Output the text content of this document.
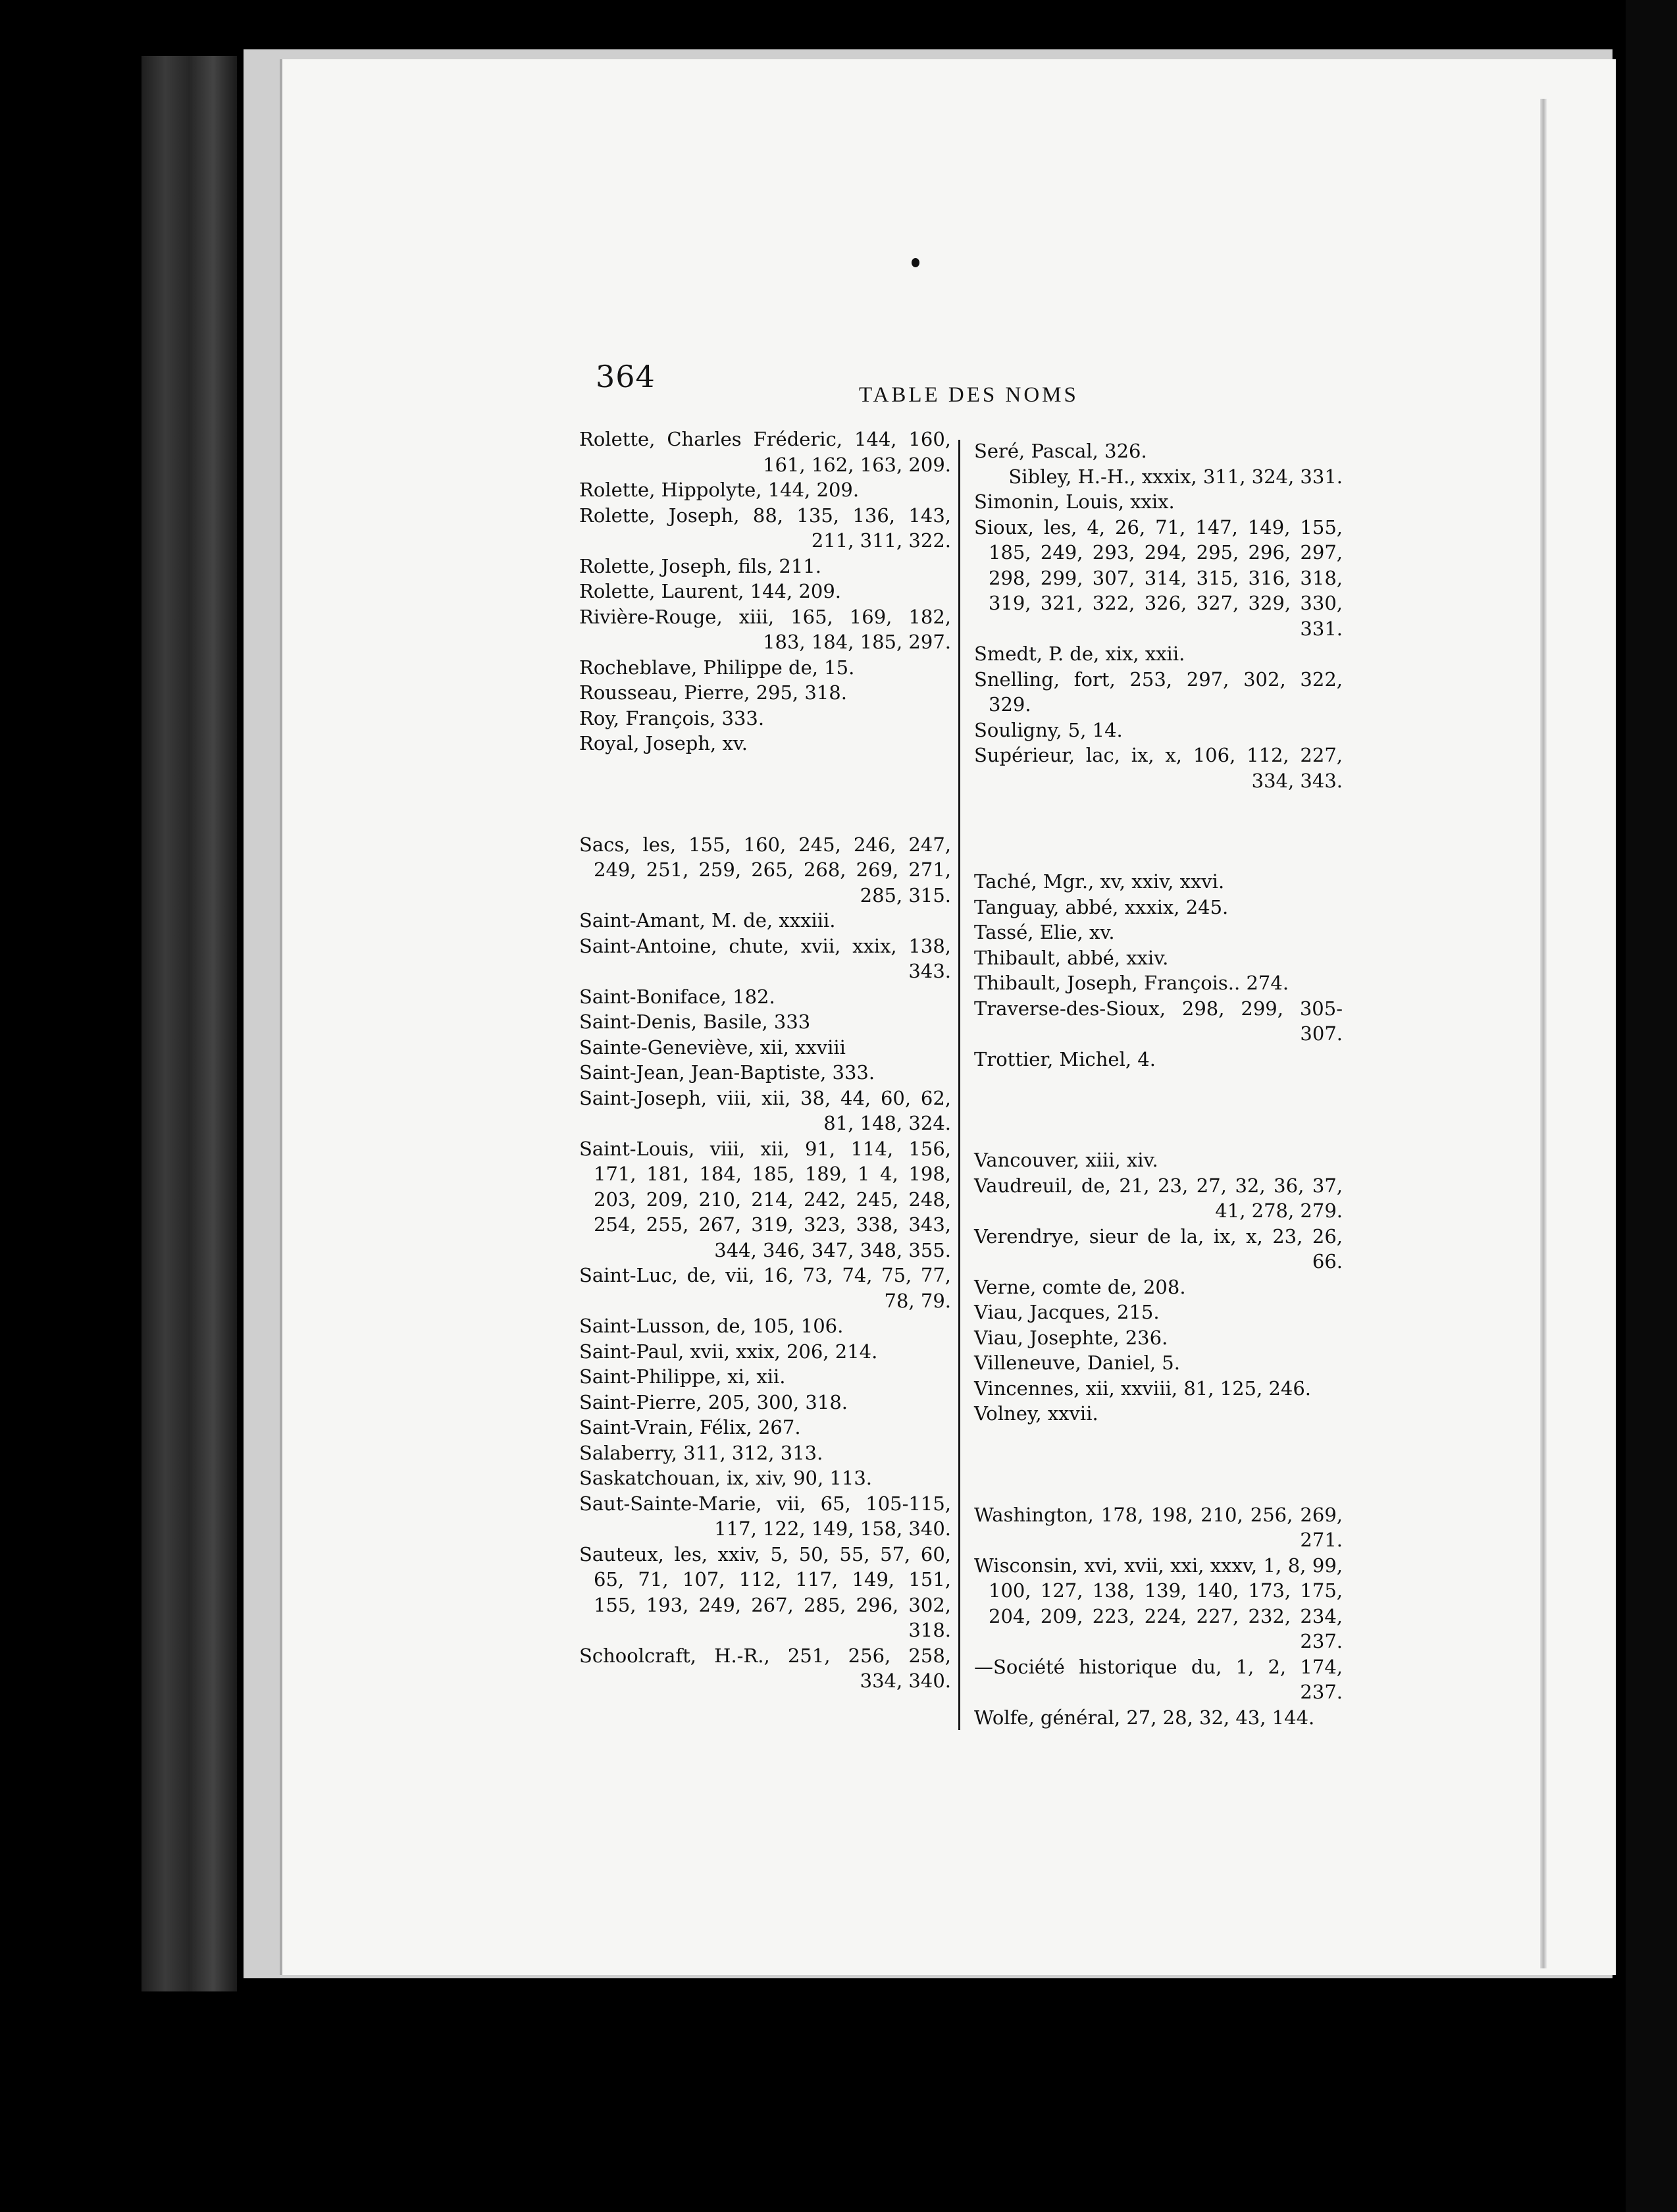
364
TABLE DES NOMS

Rolette, Charles Fréderic, 144, 160, 161, 162, 163, 209.

Rolette, Hippolyte, 144, 209.

Rolette, Joseph, 88, 135, 136, 143, 211, 311, 322.

Rolette, Joseph, fils, 211.

Rolette, Laurent, 144, 209.

Rivière-Rouge, xiii, 165, 169, 182, 183, 184, 185, 297.

Rocheblave, Philippe de, 15.

Rousseau, Pierre, 295, 318.

Roy, François, 333.

Royal, Joseph, xv.

Sacs, les, 155, 160, 245, 246, 247, 249, 251, 259, 265, 268, 269, 271, 285, 315.

Saint-Amant, M. de, xxxiii.

Saint-Antoine, chute, xvii, xxix, 138, 343.

Saint-Boniface, 182.

Saint-Denis, Basile, 333

Sainte-Geneviève, xii, xxviii

Saint-Jean, Jean-Baptiste, 333.

Saint-Joseph, viii, xii, 38, 44, 60, 62, 81, 148, 324.

Saint-Louis, viii, xii, 91, 114, 156, 171, 181, 184, 185, 189, 1 4, 198, 203, 209, 210, 214, 242, 245, 248, 254, 255, 267, 319, 323, 338, 343, 344, 346, 347, 348, 355.

Saint-Luc, de, vii, 16, 73, 74, 75, 77, 78, 79.

Saint-Lusson, de, 105, 106.

Saint-Paul, xvii, xxix, 206, 214.

Saint-Philippe, xi, xii.

Saint-Pierre, 205, 300, 318.

Saint-Vrain, Félix, 267.

Salaberry, 311, 312, 313.

Saskatchouan, ix, xiv, 90, 113.

Saut-Sainte-Marie, vii, 65, 105-115, 117, 122, 149, 158, 340.

Sauteux, les, xxiv, 5, 50, 55, 57, 60, 65, 71, 107, 112, 117, 149, 151, 155, 193, 249, 267, 285, 296, 302, 318.

Schoolcraft, H.-R., 251, 256, 258, 334, 340.

Seré, Pascal, 326.

Sibley, H.-H., xxxix, 311, 324, 331.

Simonin, Louis, xxix.

Sioux, les, 4, 26, 71, 147, 149, 155, 185, 249, 293, 294, 295, 296, 297, 298, 299, 307, 314, 315, 316, 318, 319, 321, 322, 326, 327, 329, 330, 331.

Smedt, P. de, xix, xxii.

Snelling, fort, 253, 297, 302, 322, 329.

Souligny, 5, 14.

Supérieur, lac, ix, x, 106, 112, 227, 334, 343.

Taché, Mgr., xv, xxiv, xxvi.

Tanguay, abbé, xxxix, 245.

Tassé, Elie, xv.

Thibault, abbé, xxiv.

Thibault, Joseph, François.. 274.

Traverse-des-Sioux, 298, 299, 305-307.

Trottier, Michel, 4.

Vancouver, xiii, xiv.

Vaudreuil, de, 21, 23, 27, 32, 36, 37, 41, 278, 279.

Verendrye, sieur de la, ix, x, 23, 26, 66.

Verne, comte de, 208.

Viau, Jacques, 215.

Viau, Josephte, 236.

Villeneuve, Daniel, 5.

Vincennes, xii, xxviii, 81, 125, 246.

Volney, xxvii.

Washington, 178, 198, 210, 256, 269, 271.

Wisconsin, xvi, xvii, xxi, xxxv, 1, 8, 99, 100, 127, 138, 139, 140, 173, 175, 204, 209, 223, 224, 227, 232, 234, 237.

—Société historique du, 1, 2, 174, 237.

Wolfe, général, 27, 28, 32, 43, 144.
